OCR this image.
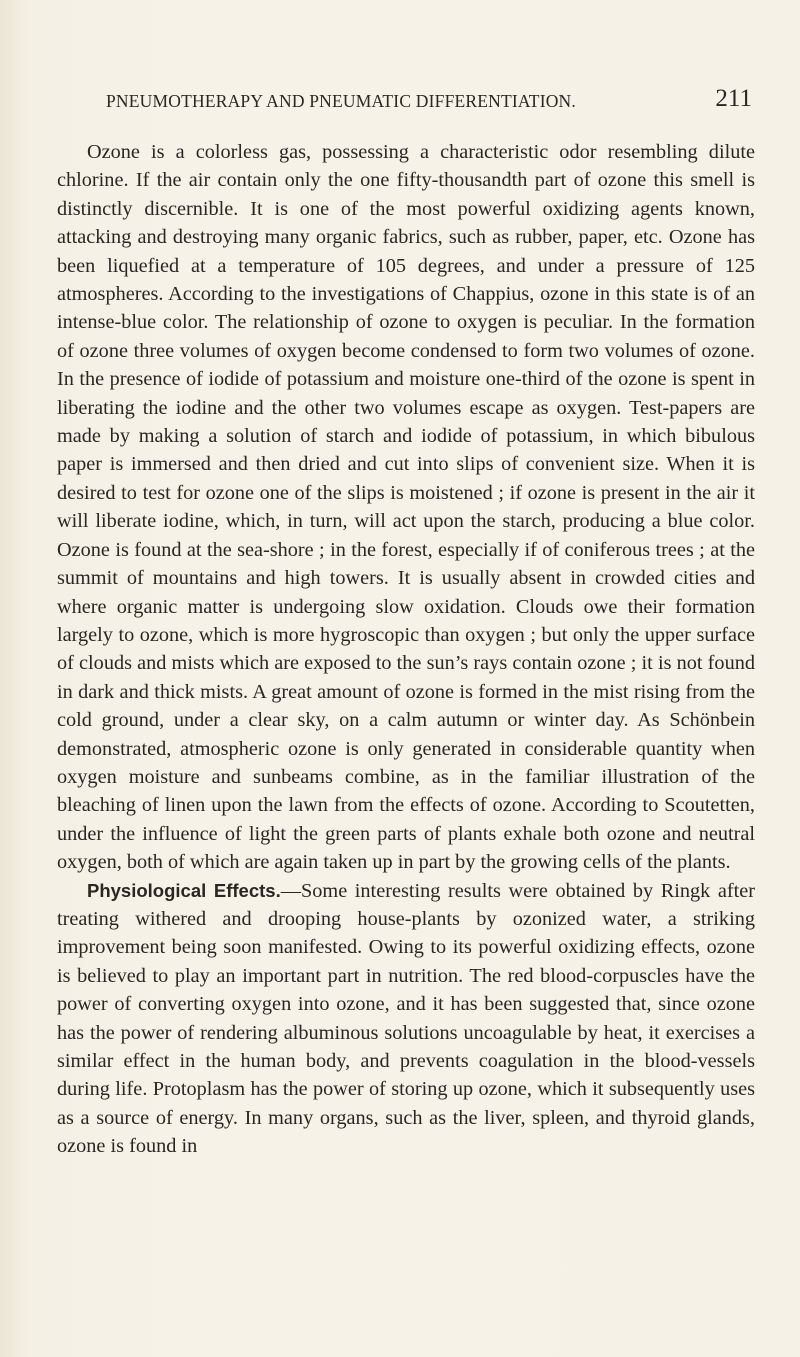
PNEUMOTHERAPY AND PNEUMATIC DIFFERENTIATION.	211

Ozone is a colorless gas, possessing a characteristic odor resembling dilute chlorine. If the air contain only the one fifty-thousandth part of ozone this smell is distinctly discernible. It is one of the most powerful oxidizing agents known, attacking and destroying many organic fabrics, such as rubber, paper, etc. Ozone has been liquefied at a temperature of 105 degrees, and under a pressure of 125 atmospheres. According to the investigations of Chappius, ozone in this state is of an intense-blue color. The relationship of ozone to oxygen is peculiar. In the formation of ozone three volumes of oxygen become condensed to form two volumes of ozone. In the presence of iodide of potassium and moisture one-third of the ozone is spent in liberating the iodine and the other two volumes escape as oxygen. Test-papers are made by making a solution of starch and iodide of potassium, in which bibulous paper is immersed and then dried and cut into slips of convenient size. When it is desired to test for ozone one of the slips is moistened ; if ozone is present in the air it will liberate iodine, which, in turn, will act upon the starch, producing a blue color. Ozone is found at the sea-shore ; in the forest, especially if of coniferous trees ; at the summit of mountains and high towers. It is usually absent in crowded cities and where organic matter is undergoing slow oxidation. Clouds owe their formation largely to ozone, which is more hygroscopic than oxygen ; but only the upper surface of clouds and mists which are exposed to the sun’s rays contain ozone ; it is not found in dark and thick mists. A great amount of ozone is formed in the mist rising from the cold ground, under a clear sky, on a calm autumn or winter day. As Schönbein demonstrated, atmospheric ozone is only generated in considerable quantity when oxygen moisture and sunbeams combine, as in the familiar illustration of the bleaching of linen upon the lawn from the effects of ozone. According to Scoutetten, under the influence of light the green parts of plants exhale both ozone and neutral oxygen, both of which are again taken up in part by the growing cells of the plants.

Physiological Effects.—Some interesting results were obtained by Ringk after treating withered and drooping house-plants by ozonized water, a striking improvement being soon manifested. Owing to its powerful oxidizing effects, ozone is believed to play an important part in nutrition. The red blood-corpuscles have the power of converting oxygen into ozone, and it has been suggested that, since ozone has the power of rendering albuminous solutions uncoagulable by heat, it exercises a similar effect in the human body, and prevents coagulation in the blood-vessels during life. Protoplasm has the power of storing up ozone, which it subsequently uses as a source of energy. In many organs, such as the liver, spleen, and thyroid glands, ozone is found in
